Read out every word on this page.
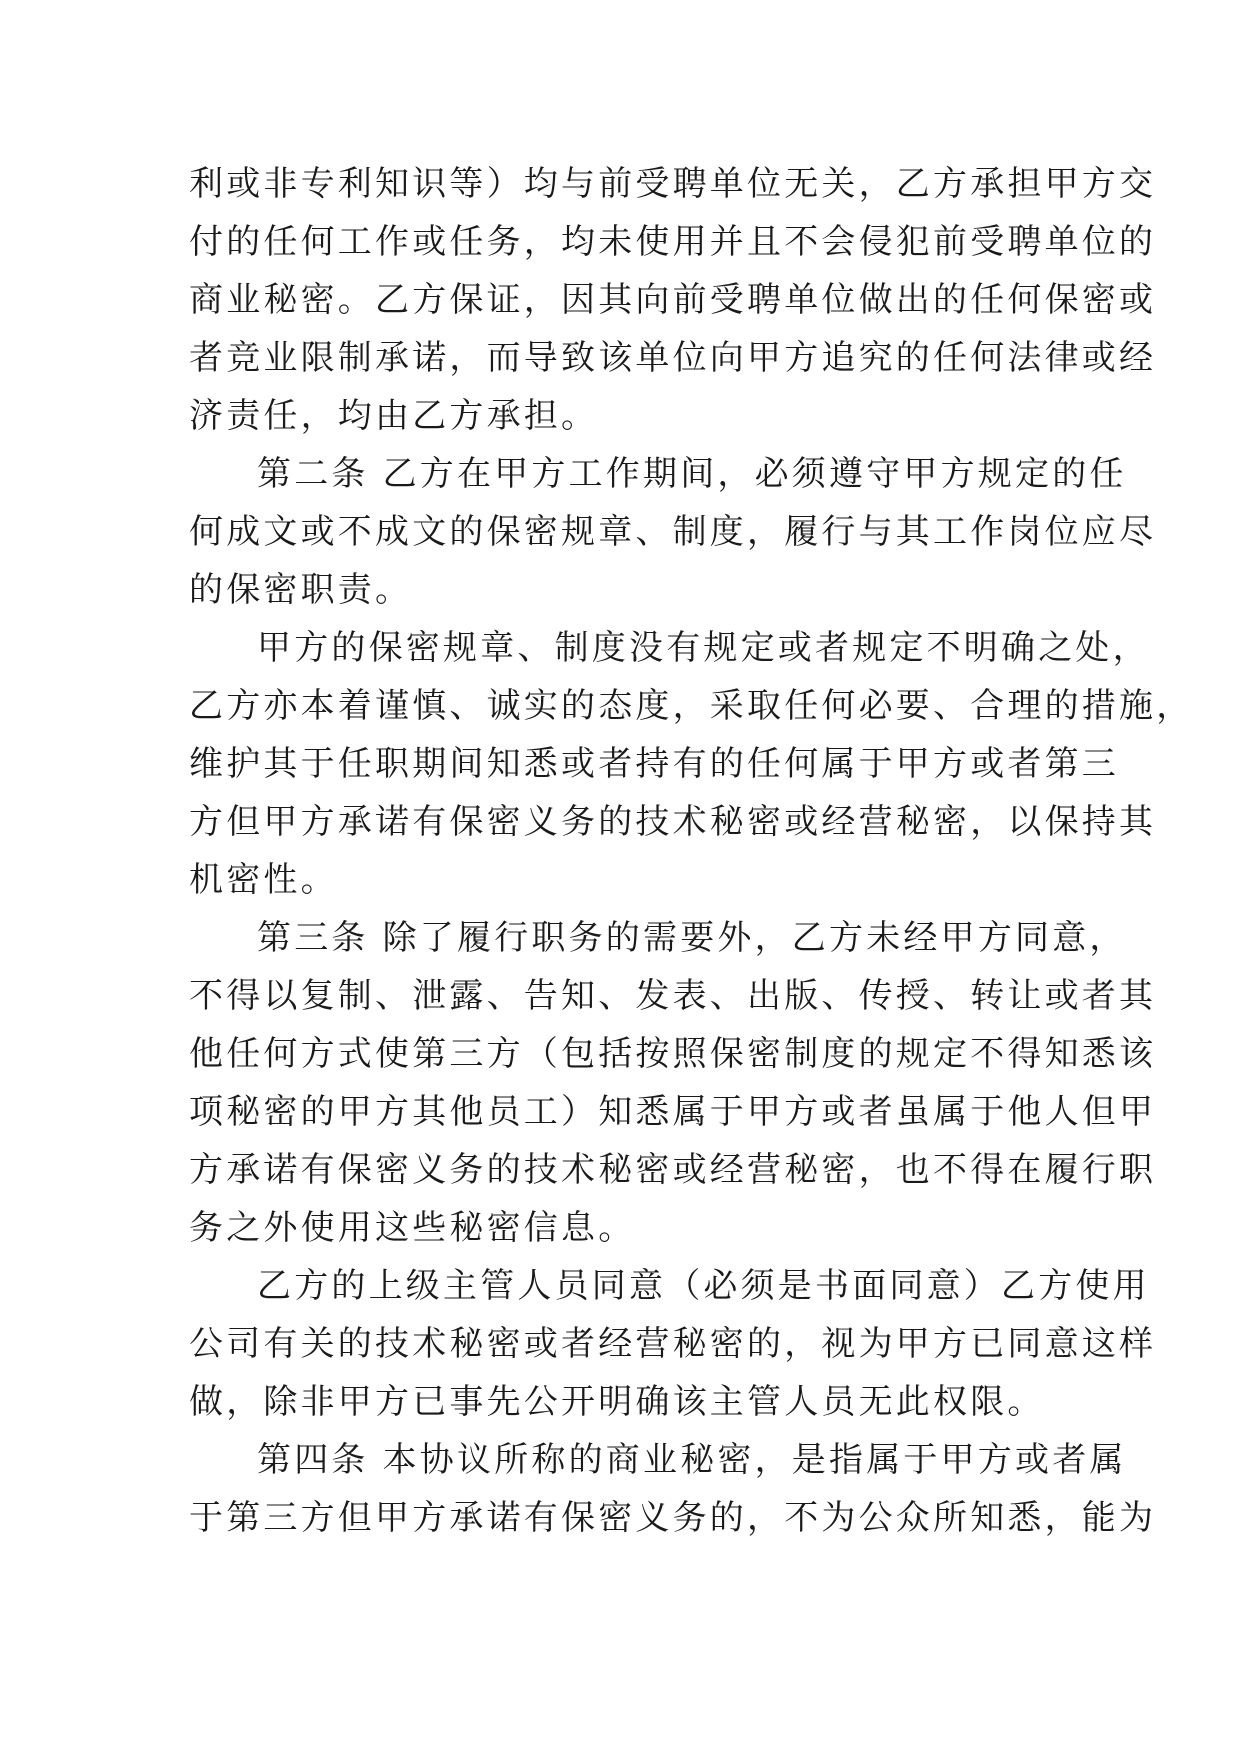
利或非专利知识等）均与前受聘单位无关，乙方承担甲方交
付的任何工作或任务，均未使用并且不会侵犯前受聘单位的
商业秘密。乙方保证，因其向前受聘单位做出的任何保密或
者竞业限制承诺，而导致该单位向甲方追究的任何法律或经
济责任，均由乙方承担。
第二条 乙方在甲方工作期间，必须遵守甲方规定的任
何成文或不成文的保密规章、制度，履行与其工作岗位应尽
的保密职责。
甲方的保密规章、制度没有规定或者规定不明确之处，
乙方亦本着谨慎、诚实的态度，采取任何必要、合理的措施，
维护其于任职期间知悉或者持有的任何属于甲方或者第三
方但甲方承诺有保密义务的技术秘密或经营秘密，以保持其
机密性。
第三条 除了履行职务的需要外，乙方未经甲方同意，
不得以复制、泄露、告知、发表、出版、传授、转让或者其
他任何方式使第三方（包括按照保密制度的规定不得知悉该
项秘密的甲方其他员工）知悉属于甲方或者虽属于他人但甲
方承诺有保密义务的技术秘密或经营秘密，也不得在履行职
务之外使用这些秘密信息。
乙方的上级主管人员同意（必须是书面同意）乙方使用
公司有关的技术秘密或者经营秘密的，视为甲方已同意这样
做，除非甲方已事先公开明确该主管人员无此权限。
第四条 本协议所称的商业秘密，是指属于甲方或者属
于第三方但甲方承诺有保密义务的，不为公众所知悉，能为
